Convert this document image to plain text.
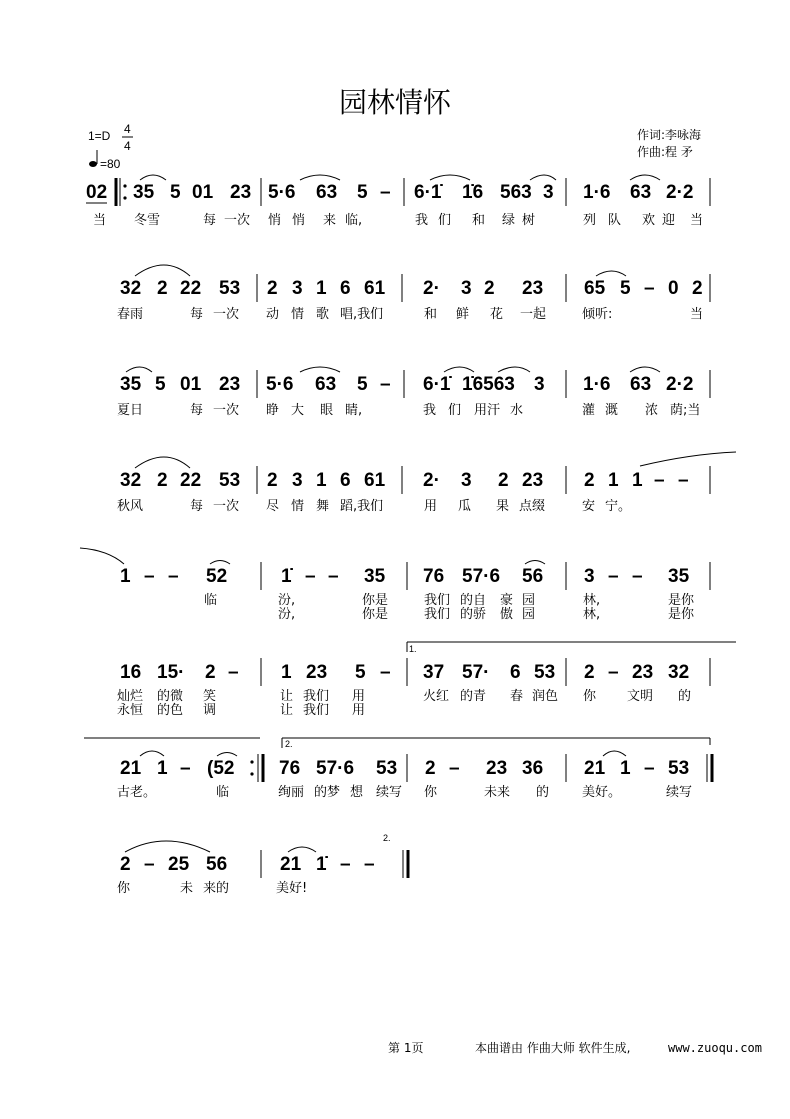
园林情怀
1=D 4
4
=80
作词:李咏海
作曲:程 矛
02 35 5 01 23 5·6 63 5 – 6·1̇ 1̇6 563 3 1·6 63 2·2
当 冬雪	每 一次 悄 悄 来 临,	我 们 和 绿 树	列 队 欢 迎 当
32 2 22 53 2 3 1 6 61 2· 3 2 23 65 5 – 0 2
春雨	每 一次 动 情 歌 唱,我们	和 鲜 花 一起	倾听:	当
35 5 01 23 5·6 63 5 – 6·1̇ 1̇6563 3 1·6 63 2·2
夏日	每 一次 睁 大 眼 睛,	我 们 用汗 水	灌 溉 浓 荫;当
32 2 22 53 2 3 1 6 61 2· 3 2 23 2 1 1 – –
秋风	每 一次 尽 情 舞 蹈,我们	用 瓜 果 点缀	安 宁。
1 – – 52	1̇ – – 35 76 57·6 56 3 – – 35
临	汾,	你是	我们 的自 豪 园	林,	是你
汾,	你是	我们 的骄 傲 园	林,	是你
1.
16 15· 2 – 1 23 5 – 37 57· 6 53 2 – 23 32
灿烂 的微 笑	让 我们 用	火红 的青 春 润色 你 文明 的
永恒 的色 调	让 我们 用
2.
21 1 – (52 76 57·6 53 2 – 23 36 21 1 – 53
古老。	临	绚丽 的梦 想 续写 你	未来 的	美好。	续写
2.
2 – 25 56	21 1̇ – –
你	未 来的	美好!
第 1页	本曲谱由 作曲大师 软件生成,	www.zuoqu.com
